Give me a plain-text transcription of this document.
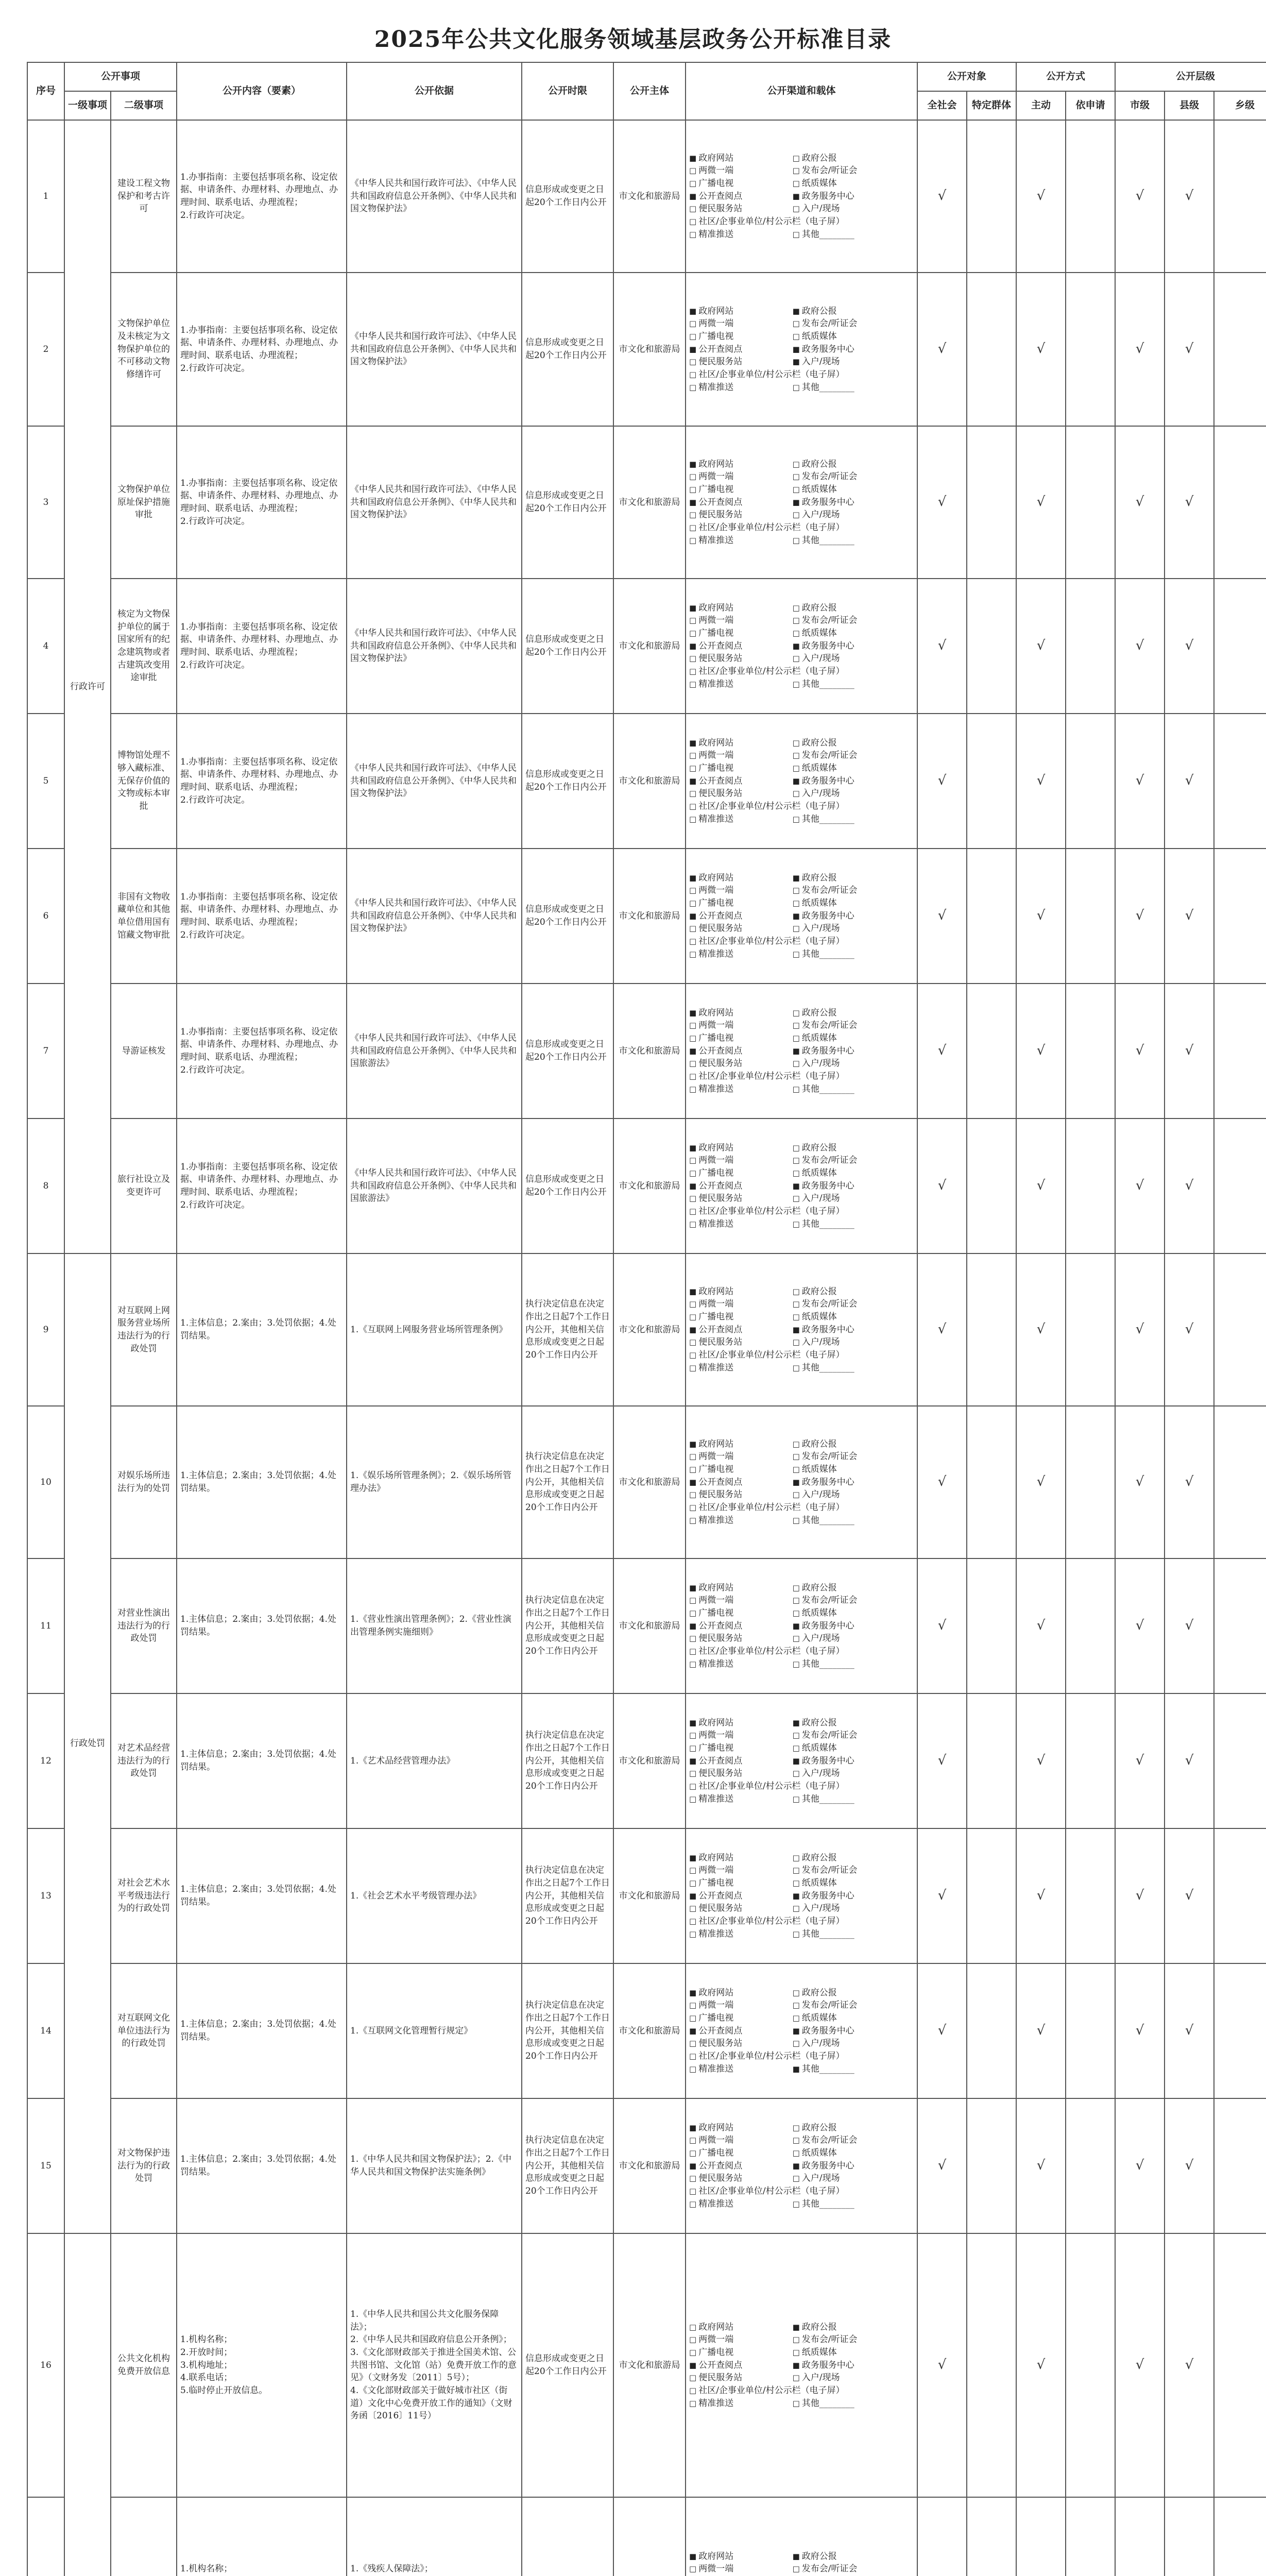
2025年公共文化服务领域基层政务公开标准目录
序号	公开事项		公开内容（要素）	公开依据	公开时限	公开主体	公开渠道和载体	公开对象		公开方式		公开层级		
	一级事项	二级事项						全社会	特定群体	主动	依申请	市级	县级	乡级
1	行政许可	建设工程文物保护和考古许可	1.办事指南：主要包括事项名称、设定依据、申请条件、办理材料、办理地点、办理时间、联系电话、办理流程；
2.行政许可决定。	《中华人民共和国行政许可法》、《中华人民共和国政府信息公开条例》、《中华人民共和国文物保护法》	信息形成或变更之日起20个工作日内公开	市文化和旅游局	■ 政府网站 □ 政府公报□ 两微一端 □ 发布会/听证会□ 广播电视 □ 纸质媒体■ 公开查阅点 ■ 政务服务中心□ 便民服务站 □ 入户/现场□ 社区/企事业单位/村公示栏（电子屏）□ 精准推送 □ 其他________	√		√		√	√	
2		文物保护单位及未核定为文物保护单位的不可移动文物修缮许可	1.办事指南：主要包括事项名称、设定依据、申请条件、办理材料、办理地点、办理时间、联系电话、办理流程；
2.行政许可决定。	《中华人民共和国行政许可法》、《中华人民共和国政府信息公开条例》、《中华人民共和国文物保护法》	信息形成或变更之日起20个工作日内公开	市文化和旅游局	■ 政府网站 ■ 政府公报□ 两微一端 □ 发布会/听证会□ 广播电视 □ 纸质媒体■ 公开查阅点 ■ 政务服务中心□ 便民服务站 ■ 入户/现场□ 社区/企事业单位/村公示栏（电子屏）□ 精准推送 □ 其他________	√		√		√	√	
3		文物保护单位原址保护措施审批	1.办事指南：主要包括事项名称、设定依据、申请条件、办理材料、办理地点、办理时间、联系电话、办理流程；
2.行政许可决定。	《中华人民共和国行政许可法》、《中华人民共和国政府信息公开条例》、《中华人民共和国文物保护法》	信息形成或变更之日起20个工作日内公开	市文化和旅游局	■ 政府网站 □ 政府公报□ 两微一端 □ 发布会/听证会□ 广播电视 □ 纸质媒体■ 公开查阅点 ■ 政务服务中心□ 便民服务站 □ 入户/现场□ 社区/企事业单位/村公示栏（电子屏）□ 精准推送 □ 其他________	√		√		√	√	
4		核定为文物保护单位的属于国家所有的纪念建筑物或者古建筑改变用途审批	1.办事指南：主要包括事项名称、设定依据、申请条件、办理材料、办理地点、办理时间、联系电话、办理流程；
2.行政许可决定。	《中华人民共和国行政许可法》、《中华人民共和国政府信息公开条例》、《中华人民共和国文物保护法》	信息形成或变更之日起20个工作日内公开	市文化和旅游局	■ 政府网站 □ 政府公报□ 两微一端 □ 发布会/听证会□ 广播电视 □ 纸质媒体■ 公开查阅点 ■ 政务服务中心□ 便民服务站 □ 入户/现场□ 社区/企事业单位/村公示栏（电子屏）□ 精准推送 □ 其他________	√		√		√	√	
5		博物馆处理不够入藏标准、无保存价值的文物或标本审批	1.办事指南：主要包括事项名称、设定依据、申请条件、办理材料、办理地点、办理时间、联系电话、办理流程；
2.行政许可决定。	《中华人民共和国行政许可法》、《中华人民共和国政府信息公开条例》、《中华人民共和国文物保护法》	信息形成或变更之日起20个工作日内公开	市文化和旅游局	■ 政府网站 □ 政府公报□ 两微一端 □ 发布会/听证会□ 广播电视 □ 纸质媒体■ 公开查阅点 ■ 政务服务中心□ 便民服务站 □ 入户/现场□ 社区/企事业单位/村公示栏（电子屏）□ 精准推送 □ 其他________	√		√		√	√	
6		非国有文物收藏单位和其他单位借用国有馆藏文物审批	1.办事指南：主要包括事项名称、设定依据、申请条件、办理材料、办理地点、办理时间、联系电话、办理流程；
2.行政许可决定。	《中华人民共和国行政许可法》、《中华人民共和国政府信息公开条例》、《中华人民共和国文物保护法》	信息形成或变更之日起20个工作日内公开	市文化和旅游局	■ 政府网站 ■ 政府公报□ 两微一端 □ 发布会/听证会□ 广播电视 □ 纸质媒体■ 公开查阅点 ■ 政务服务中心□ 便民服务站 □ 入户/现场□ 社区/企事业单位/村公示栏（电子屏）□ 精准推送 □ 其他________	√		√		√	√	
7		导游证核发	1.办事指南：主要包括事项名称、设定依据、申请条件、办理材料、办理地点、办理时间、联系电话、办理流程；
2.行政许可决定。	《中华人民共和国行政许可法》、《中华人民共和国政府信息公开条例》、《中华人民共和国旅游法》	信息形成或变更之日起20个工作日内公开	市文化和旅游局	■ 政府网站 □ 政府公报□ 两微一端 □ 发布会/听证会□ 广播电视 □ 纸质媒体■ 公开查阅点 ■ 政务服务中心□ 便民服务站 □ 入户/现场□ 社区/企事业单位/村公示栏（电子屏）□ 精准推送 □ 其他________	√		√		√	√	
8		旅行社设立及变更许可	1.办事指南：主要包括事项名称、设定依据、申请条件、办理材料、办理地点、办理时间、联系电话、办理流程；
2.行政许可决定。	《中华人民共和国行政许可法》、《中华人民共和国政府信息公开条例》、《中华人民共和国旅游法》	信息形成或变更之日起20个工作日内公开	市文化和旅游局	■ 政府网站 □ 政府公报□ 两微一端 □ 发布会/听证会□ 广播电视 □ 纸质媒体■ 公开查阅点 ■ 政务服务中心□ 便民服务站 □ 入户/现场□ 社区/企事业单位/村公示栏（电子屏）□ 精准推送 □ 其他________	√		√		√	√	
9	行政处罚	对互联网上网服务营业场所违法行为的行政处罚	1.主体信息；2.案由；3.处罚依据；4.处罚结果。	1.《互联网上网服务营业场所管理条例》	执行决定信息在决定作出之日起7个工作日内公开，其他相关信息形成或变更之日起20个工作日内公开	市文化和旅游局	■ 政府网站 □ 政府公报□ 两微一端 □ 发布会/听证会□ 广播电视 □ 纸质媒体■ 公开查阅点 ■ 政务服务中心□ 便民服务站 □ 入户/现场□ 社区/企事业单位/村公示栏（电子屏）□ 精准推送 □ 其他________	√		√		√	√	
10		对娱乐场所违法行为的处罚	1.主体信息；2.案由；3.处罚依据；4.处罚结果。	1.《娱乐场所管理条例》；2.《娱乐场所管理办法》	执行决定信息在决定作出之日起7个工作日内公开，其他相关信息形成或变更之日起20个工作日内公开	市文化和旅游局	■ 政府网站 □ 政府公报□ 两微一端 □ 发布会/听证会□ 广播电视 □ 纸质媒体■ 公开查阅点 ■ 政务服务中心□ 便民服务站 □ 入户/现场□ 社区/企事业单位/村公示栏（电子屏）□ 精准推送 □ 其他________	√		√		√	√	
11		对营业性演出违法行为的行政处罚	1.主体信息；2.案由；3.处罚依据；4.处罚结果。	1.《营业性演出管理条例》；2.《营业性演出管理条例实施细则》	执行决定信息在决定作出之日起7个工作日内公开，其他相关信息形成或变更之日起20个工作日内公开	市文化和旅游局	■ 政府网站 □ 政府公报□ 两微一端 □ 发布会/听证会□ 广播电视 □ 纸质媒体■ 公开查阅点 ■ 政务服务中心□ 便民服务站 □ 入户/现场□ 社区/企事业单位/村公示栏（电子屏）□ 精准推送 □ 其他________	√		√		√	√	
12		对艺术品经营违法行为的行政处罚	1.主体信息；2.案由；3.处罚依据；4.处罚结果。	1.《艺术品经营管理办法》	执行决定信息在决定作出之日起7个工作日内公开，其他相关信息形成或变更之日起20个工作日内公开	市文化和旅游局	■ 政府网站 ■ 政府公报□ 两微一端 □ 发布会/听证会□ 广播电视 □ 纸质媒体■ 公开查阅点 ■ 政务服务中心□ 便民服务站 □ 入户/现场□ 社区/企事业单位/村公示栏（电子屏）□ 精准推送 □ 其他________	√		√		√	√	
13		对社会艺术水平考级违法行为的行政处罚	1.主体信息；2.案由；3.处罚依据；4.处罚结果。	1.《社会艺术水平考级管理办法》	执行决定信息在决定作出之日起7个工作日内公开，其他相关信息形成或变更之日起20个工作日内公开	市文化和旅游局	■ 政府网站 □ 政府公报□ 两微一端 □ 发布会/听证会□ 广播电视 □ 纸质媒体■ 公开查阅点 ■ 政务服务中心□ 便民服务站 □ 入户/现场□ 社区/企事业单位/村公示栏（电子屏）□ 精准推送 □ 其他________	√		√		√	√	
14		对互联网文化单位违法行为的行政处罚	1.主体信息；2.案由；3.处罚依据；4.处罚结果。	1.《互联网文化管理暂行规定》	执行决定信息在决定作出之日起7个工作日内公开，其他相关信息形成或变更之日起20个工作日内公开	市文化和旅游局	■ 政府网站 □ 政府公报□ 两微一端 □ 发布会/听证会□ 广播电视 □ 纸质媒体■ 公开查阅点 ■ 政务服务中心□ 便民服务站 □ 入户/现场□ 社区/企事业单位/村公示栏（电子屏）□ 精准推送 ■ 其他________	√		√		√	√	
15		对文物保护违法行为的行政处罚	1.主体信息；2.案由；3.处罚依据；4.处罚结果。	1.《中华人民共和国文物保护法》；2.《中华人民共和国文物保护法实施条例》	执行决定信息在决定作出之日起7个工作日内公开，其他相关信息形成或变更之日起20个工作日内公开	市文化和旅游局	■ 政府网站 □ 政府公报□ 两微一端 □ 发布会/听证会□ 广播电视 □ 纸质媒体■ 公开查阅点 ■ 政务服务中心□ 便民服务站 □ 入户/现场□ 社区/企事业单位/村公示栏（电子屏）□ 精准推送 □ 其他________	√		√		√	√	
16		公共文化机构免费开放信息	1.机构名称；
2.开放时间；
3.机构地址；
4.联系电话；
5.临时停止开放信息。	1.《中华人民共和国公共文化服务保障法》；
2.《中华人民共和国政府信息公开条例》；
3.《文化部财政部关于推进全国美术馆、公共图书馆、文化馆（站）免费开放工作的意见》（文财务发〔2011〕5号）；
4.《文化部财政部关于做好城市社区（街道）文化中心免费开放工作的通知》（文财务函〔2016〕11号）	信息形成或变更之日起20个工作日内公开	市文化和旅游局	□ 政府网站 ■ 政府公报□ 两微一端 □ 发布会/听证会□ 广播电视 □ 纸质媒体■ 公开查阅点 ■ 政务服务中心□ 便民服务站 □ 入户/现场□ 社区/企事业单位/村公示栏（电子屏）□ 精准推送 □ 其他________	√		√		√	√	
		1.机构名称；	1.《残疾人保障法》；			■ 政府网站 ■ 政府公报□ 两微一端 □ 发布会/听证会							
